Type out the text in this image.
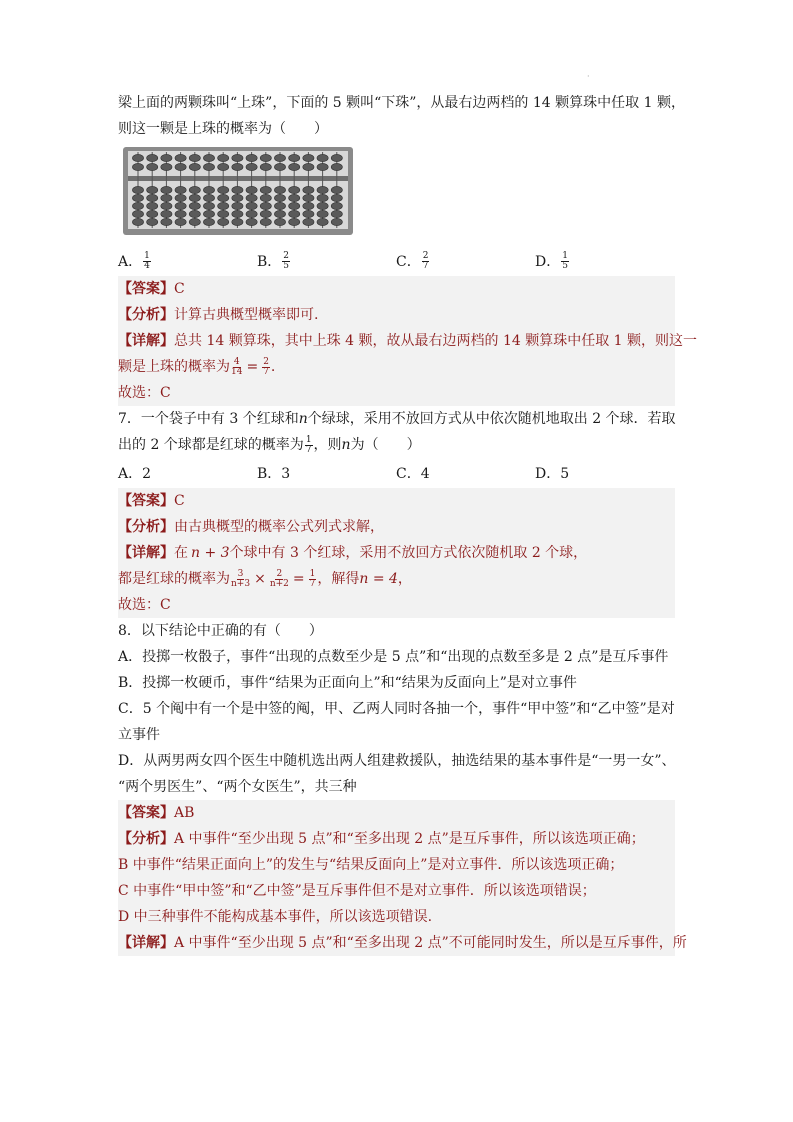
·
梁上面的两颗珠叫“上珠”，下面的 5 颗叫“下珠”，从最右边两档的 14 颗算珠中任取 1 颗，
则这一颗是上珠的概率为（　　）
A． $\frac{1}{4}$	B． $\frac{2}{5}$	C． $\frac{2}{7}$	D． $\frac{1}{5}$
【答案】 C
【分析】 计算古典概型概率即可.
【详解】 总共 14 颗算珠，其中上珠 4 颗，故从最右边两档的 14 颗算珠中任取 1 颗，则这一
颗是上珠的概率为 $\frac{4}{14} = \frac{2}{7}$ .
故选：C
7．一个袋子中有 3 个红球和 n 个绿球，采用不放回方式从中依次随机地取出 2 个球．若取
出的 2 个球都是红球的概率为 $\frac{1}{7}$ ，则 n 为（　　）
A．2	B．3	C．4	D．5
【答案】 C
【分析】 由古典概型的概率公式列式求解，
【详解】 在 n + 3 个球中有 3 个红球，采用不放回方式依次随机取 2 个球，
都是红球的概率为 $\frac{3}{n+3} \times \frac{2}{n+2} = \frac{1}{7}$ ，解得 n = 4 ，
故选：C
8．以下结论中正确的有（　　）
A．投掷一枚骰子，事件“出现的点数至少是 5 点”和“出现的点数至多是 2 点”是互斥事件
B．投掷一枚硬币，事件“结果为正面向上”和“结果为反面向上”是对立事件
C．5 个阄中有一个是中签的阄，甲、乙两人同时各抽一个，事件“甲中签”和“乙中签”是对
立事件
D．从两男两女四个医生中随机选出两人组建救援队，抽选结果的基本事件是“一男一女”、
“两个男医生”、“两个女医生”，共三种
【答案】 AB
【分析】 A 中事件“至少出现 5 点”和“至多出现 2 点”是互斥事件，所以该选项正确；
B 中事件“结果正面向上”的发生与“结果反面向上”是对立事件．所以该选项正确；
C 中事件“甲中签”和“乙中签”是互斥事件但不是对立事件．所以该选项错误；
D 中三种事件不能构成基本事件，所以该选项错误.
【详解】 A 中事件“至少出现 5 点”和“至多出现 2 点”不可能同时发生，所以是互斥事件，所
